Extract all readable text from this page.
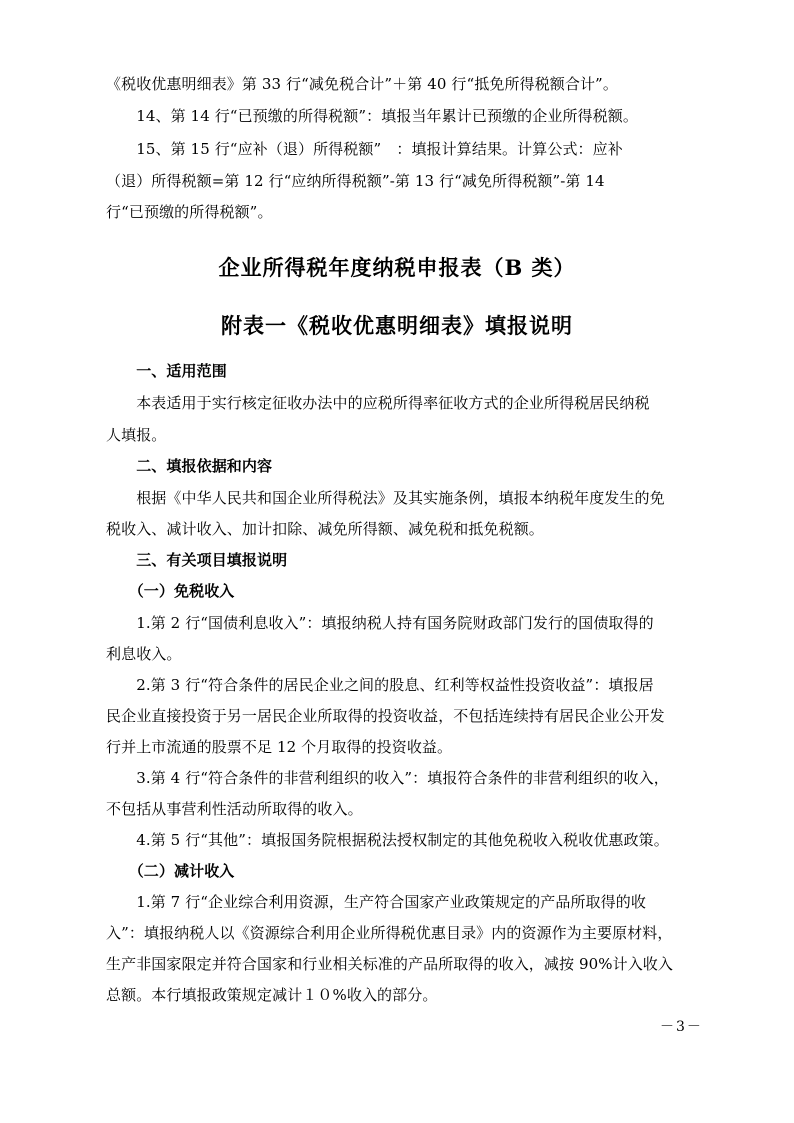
《税收优惠明细表》第 33 行“减免税合计”＋第 40 行“抵免所得税额合计”。
　　14、第 14 行“已预缴的所得税额”：填报当年累计已预缴的企业所得税额。
　　15、第 15 行“应补（退）所得税额”　：填报计算结果。计算公式：应补
（退）所得税额=第 12 行“应纳所得税额”-第 13 行“减免所得税额”-第 14
行“已预缴的所得税额”。
企业所得税年度纳税申报表（B 类）
附表一《税收优惠明细表》填报说明
　　一、适用范围
　　本表适用于实行核定征收办法中的应税所得率征收方式的企业所得税居民纳税
人填报。
　　二、填报依据和内容
　　根据《中华人民共和国企业所得税法》及其实施条例，填报本纳税年度发生的免
税收入、减计收入、加计扣除、减免所得额、减免税和抵免税额。
　　三、有关项目填报说明
　　（一）免税收入
　　1.第 2 行“国债利息收入”：填报纳税人持有国务院财政部门发行的国债取得的
利息收入。
　　2.第 3 行“符合条件的居民企业之间的股息、红利等权益性投资收益”：填报居
民企业直接投资于另一居民企业所取得的投资收益，不包括连续持有居民企业公开发
行并上市流通的股票不足 12 个月取得的投资收益。
　　3.第 4 行“符合条件的非营利组织的收入”：填报符合条件的非营利组织的收入，
不包括从事营利性活动所取得的收入。
　　4.第 5 行“其他”：填报国务院根据税法授权制定的其他免税收入税收优惠政策。
　　（二）减计收入
　　1.第 7 行“企业综合利用资源，生产符合国家产业政策规定的产品所取得的收
入”：填报纳税人以《资源综合利用企业所得税优惠目录》内的资源作为主要原材料，
生产非国家限定并符合国家和行业相关标准的产品所取得的收入，减按 90%计入收入
总额。本行填报政策规定减计１０%收入的部分。
－3－
